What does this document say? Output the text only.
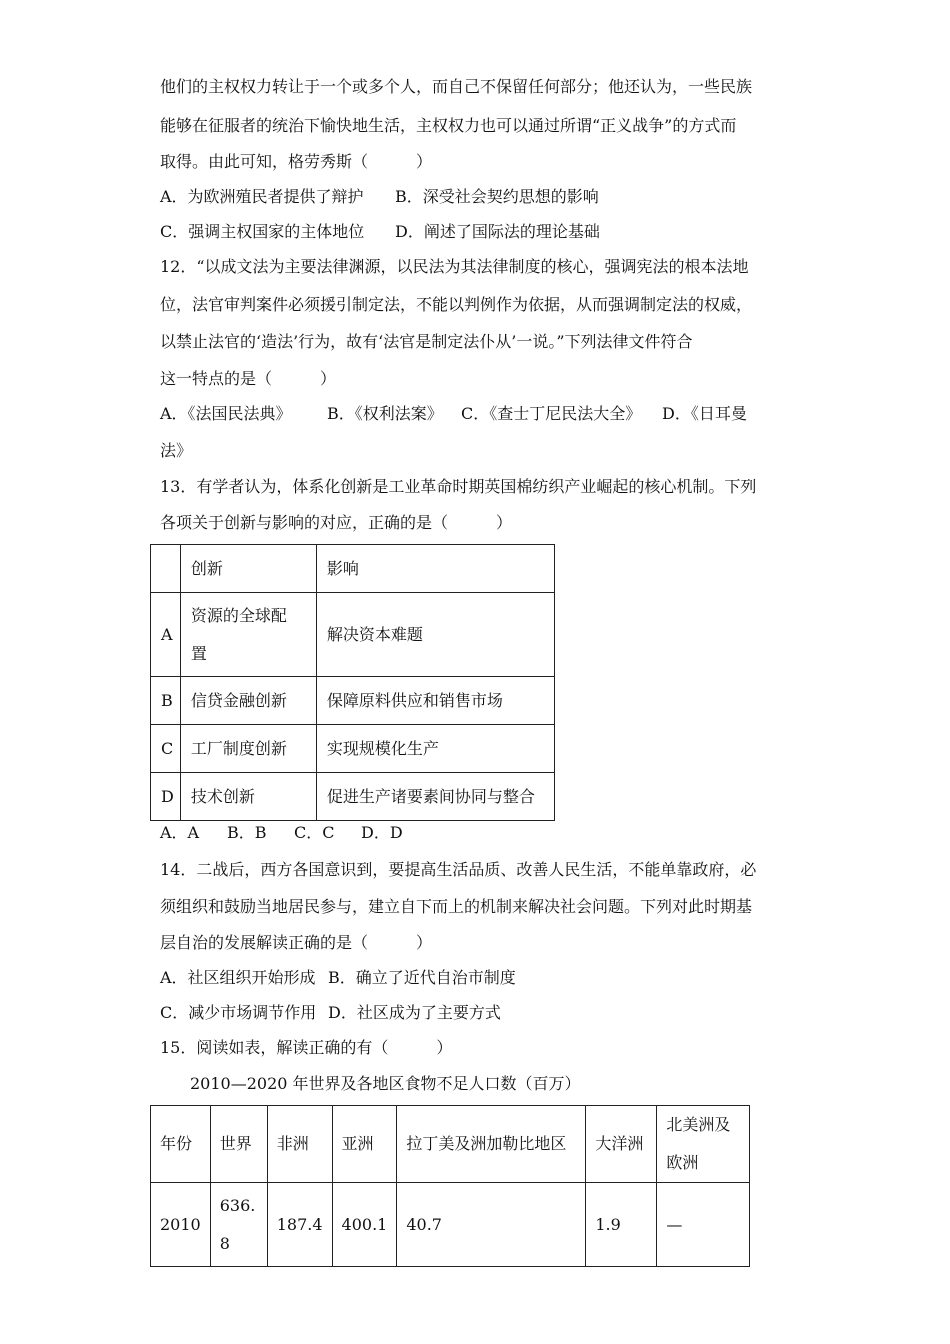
他们的主权权力转让于一个或多个人，而自己不保留任何部分；他还认为，一些民族
能够在征服者的统治下愉快地生活，主权权力也可以通过所谓“正义战争”的方式而
取得。由此可知，格劳秀斯（　　　）
A．为欧洲殖民者提供了辩护 B．深受社会契约思想的影响
C．强调主权国家的主体地位 D．阐述了国际法的理论基础
12．“以成文法为主要法律渊源，以民法为其法律制度的核心，强调宪法的根本法地
位，法官审判案件必须援引制定法，不能以判例作为依据，从而强调制定法的权威，
以禁止法官的‘造法’行为，故有‘法官是制定法仆从’一说。”下列法律文件符合
这一特点的是（　　　）
A．《法国民法典》 B．《权利法案》 C．《查士丁尼民法大全》 D．《日耳曼
法》
13．有学者认为，体系化创新是工业革命时期英国棉纺织产业崛起的核心机制。下列
各项关于创新与影响的对应，正确的是（　　　）
	创新	影响
A	资源的全球配
置	解决资本难题
B	信贷金融创新	保障原料供应和销售市场
C	工厂制度创新	实现规模化生产
D	技术创新	促进生产诸要素间协同与整合
A．A B．B C．C D．D
14．二战后，西方各国意识到，要提高生活品质、改善人民生活，不能单靠政府，必
须组织和鼓励当地居民参与，建立自下而上的机制来解决社会问题。下列对此时期基
层自治的发展解读正确的是（　　　）
A．社区组织开始形成 B．确立了近代自治市制度
C．减少市场调节作用 D．社区成为了主要方式
15．阅读如表，解读正确的有（　　　）
2010—2020 年世界及各地区食物不足人口数（百万）
年份	世界	非洲	亚洲	拉丁美及洲加勒比地区	大洋洲	北美洲及欧洲
2010	636.
8	187.4	400.1	40.7	1.9	—
